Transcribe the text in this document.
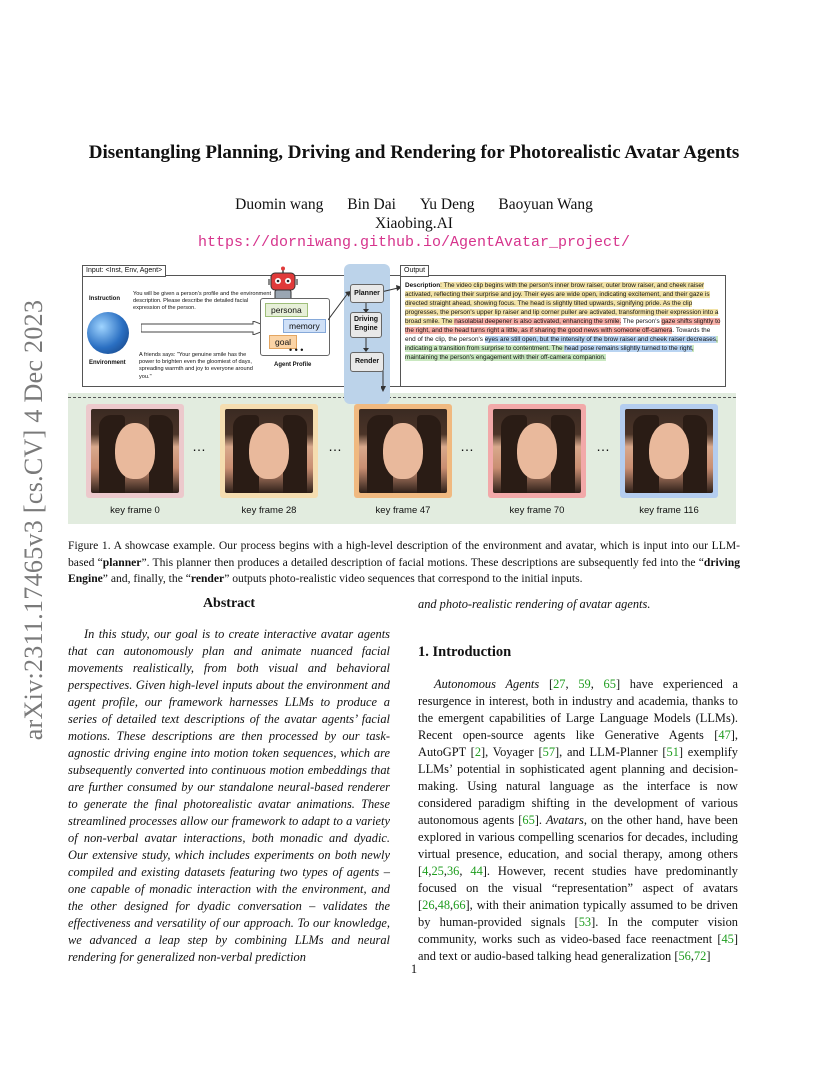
arXiv:2311.17465v3 [cs.CV] 4 Dec 2023
Disentangling Planning, Driving and Rendering for Photorealistic Avatar Agents
Duomin wang Bin Dai Yu Deng Baoyuan Wang
Xiaobing.AI
https://dorniwang.github.io/AgentAvatar_project/
Instruction
You will be given a person's profile and the environment description. Please describe the detailed facial expression of the person.
Environment
A friends says: "Your genuine smile has the power to brighten even the gloomiest of days, spreading warmth and joy to everyone around you."
Input: <Inst, Env, Agent>
persona
memory
goal
• • •
Agent Profile
Planner
Driving Engine
Render
Description: The video clip begins with the person's inner brow raiser, outer brow raiser, and cheek raiser activated, reflecting their surprise and joy. Their eyes are wide open, indicating excitement, and their gaze is directed straight ahead, showing focus. The head is slightly tilted upwards, signifying pride. As the clip progresses, the person's upper lip raiser and lip corner puller are activated, transforming their expression into a broad smile. The nasolabial deepener is also activated, enhancing the smile. The person's gaze shifts slightly to the right, and the head turns right a little, as if sharing the good news with someone off-camera. Towards the end of the clip, the person's eyes are still open, but the intensity of the brow raiser and cheek raiser decreases, indicating a transition from surprise to contentment. The head pose remains slightly turned to the right, maintaining the person's engagement with their off-camera companion.
Output
…	…	…	…
key frame 0	key frame 28	key frame 47	key frame 70	key frame 116
Figure 1. A showcase example. Our process begins with a high-level description of the environment and avatar, which is input into our LLM-based “planner”. This planner then produces a detailed description of facial motions. These descriptions are subsequently fed into the “driving Engine” and, finally, the “render” outputs photo-realistic video sequences that correspond to the initial inputs.
Abstract

In this study, our goal is to create interactive avatar agents that can autonomously plan and animate nuanced facial movements realistically, from both visual and behavioral perspectives. Given high-level inputs about the environment and agent profile, our framework harnesses LLMs to produce a series of detailed text descriptions of the avatar agents’ facial motions. These descriptions are then processed by our task-agnostic driving engine into motion token sequences, which are subsequently converted into continuous motion embeddings that are further consumed by our standalone neural-based renderer to generate the final photorealistic avatar animations. These streamlined processes allow our framework to adapt to a variety of non-verbal avatar interactions, both monadic and dyadic. Our extensive study, which includes experiments on both newly compiled and existing datasets featuring two types of agents – one capable of monadic interaction with the environment, and the other designed for dyadic conversation – validates the effectiveness and versatility of our approach. To our knowledge, we advanced a leap step by combining LLMs and neural rendering for generalized non-verbal prediction

and photo-realistic rendering of avatar agents.

1. Introduction

Autonomous Agents [27, 59, 65] have experienced a resurgence in interest, both in industry and academia, thanks to the emergent capabilities of Large Language Models (LLMs). Recent open-source agents like Generative Agents [47], AutoGPT [2], Voyager [57], and LLM-Planner [51] exemplify LLMs’ potential in sophisticated agent planning and decision-making. Using natural language as the interface is now considered paradigm shifting in the development of various autonomous agents [65]. Avatars, on the other hand, have been explored in various compelling scenarios for decades, including virtual presence, education, and social therapy, among others [4,25,36, 44]. However, recent studies have predominantly focused on the visual “representation” aspect of avatars [26,48,66], with their animation typically assumed to be driven by human-provided signals [53]. In the computer vision community, works such as video-based face reenactment [45] and text or audio-based talking head generalization [56,72]

1
